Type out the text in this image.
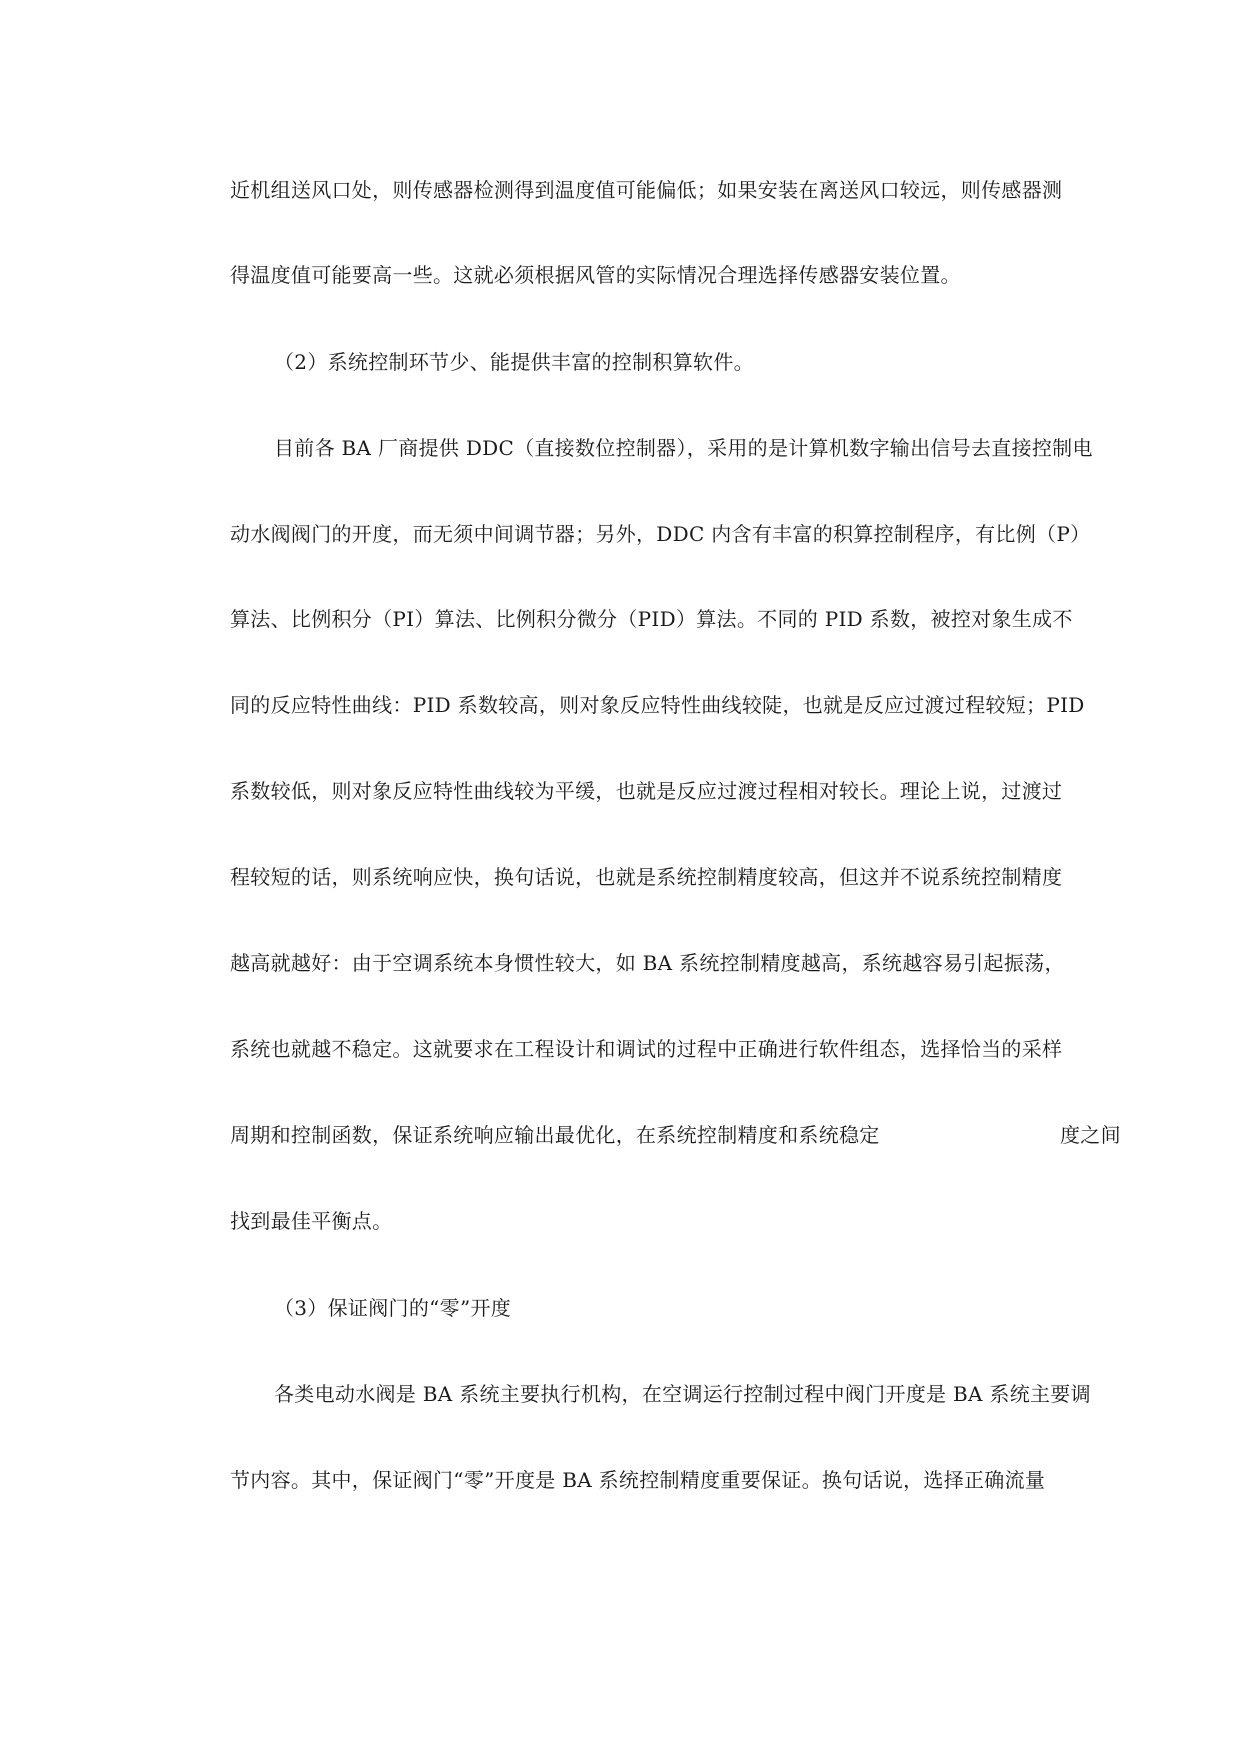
近机组送风口处，则传感器检测得到温度值可能偏低；如果安装在离送风口较远，则传感器测
得温度值可能要高一些。这就必须根据风管的实际情况合理选择传感器安装位置。
（2）系统控制环节少、能提供丰富的控制积算软件。
目前各 BA 厂商提供 DDC（直接数位控制器），采用的是计算机数字输出信号去直接控制电
动水阀阀门的开度，而无须中间调节器；另外，DDC 内含有丰富的积算控制程序，有比例（P）
算法、比例积分（PI）算法、比例积分微分（PID）算法。不同的 PID 系数，被控对象生成不
同的反应特性曲线：PID 系数较高，则对象反应特性曲线较陡，也就是反应过渡过程较短；PID
系数较低，则对象反应特性曲线较为平缓，也就是反应过渡过程相对较长。理论上说，过渡过
程较短的话，则系统响应快，换句话说，也就是系统控制精度较高，但这并不说系统控制精度
越高就越好：由于空调系统本身惯性较大，如 BA 系统控制精度越高，系统越容易引起振荡，
系统也就越不稳定。这就要求在工程设计和调试的过程中正确进行软件组态，选择恰当的采样
周期和控制函数，保证系统响应输出最优化，在系统控制精度和系统稳定	度之间
找到最佳平衡点。
（3）保证阀门的“零”开度
各类电动水阀是 BA 系统主要执行机构，在空调运行控制过程中阀门开度是 BA 系统主要调
节内容。其中，保证阀门“零”开度是 BA 系统控制精度重要保证。换句话说，选择正确流量
